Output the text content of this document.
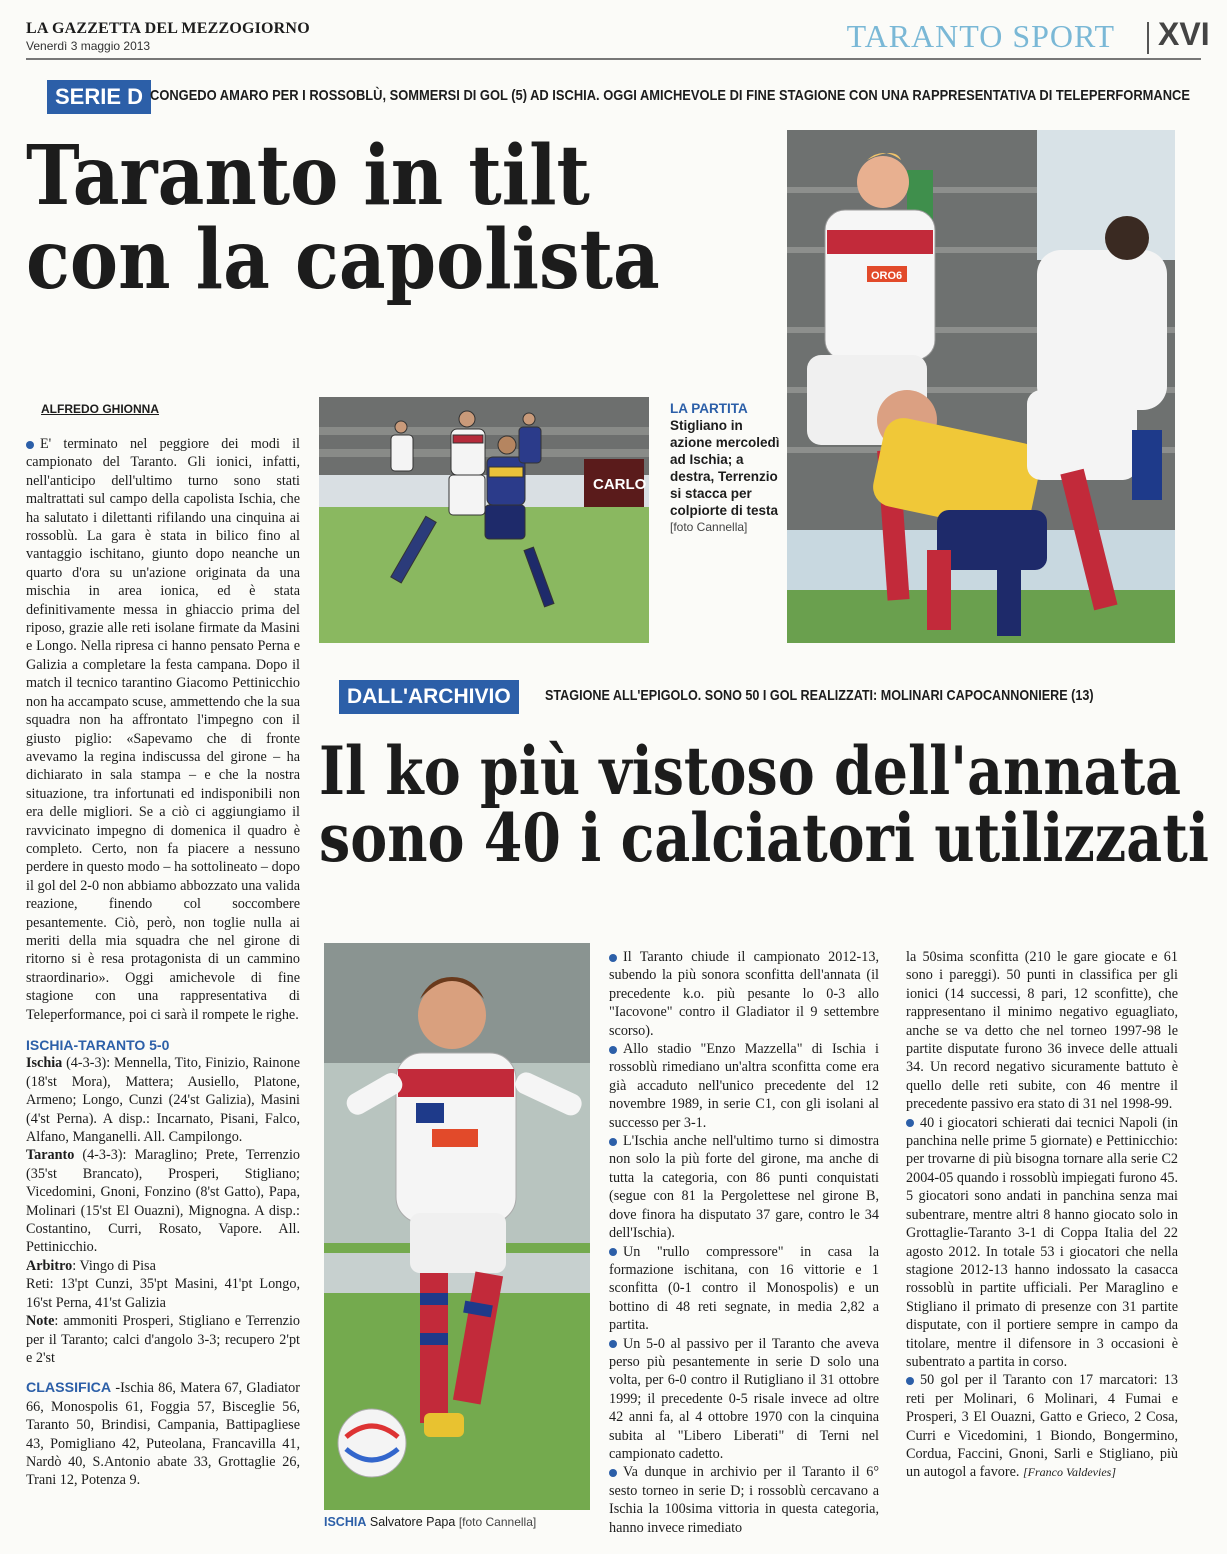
LA GAZZETTA DEL MEZZOGIORNO
Venerdì 3 maggio 2013	TARANTO SPORT XVI
SERIE D CONGEDO AMARO PER I ROSSOBLÙ, SOMMERSI DI GOL (5) AD ISCHIA. OGGI AMICHEVOLE DI FINE STAGIONE CON UNA RAPPRESENTATIVA DI TELEPERFORMANCE
Taranto in tilt
con la capolista
ALFREDO GHIONNA

E' terminato nel peggiore dei modi il campionato del Taranto. Gli ionici, infatti, nell'anticipo dell'ultimo turno sono stati maltrattati sul campo della capolista Ischia, che ha salutato i dilettanti rifilando una cinquina ai rossoblù. La gara è stata in bilico fino al vantaggio ischitano, giunto dopo neanche un quarto d'ora su un'azione originata da una mischia in area ionica, ed è stata definitivamente messa in ghiaccio prima del riposo, grazie alle reti isolane firmate da Masini e Longo. Nella ripresa ci hanno pensato Perna e Galizia a completare la festa campana. Dopo il match il tecnico tarantino Giacomo Pettinicchio non ha accampato scuse, ammettendo che la sua squadra non ha affrontato l'impegno con il giusto piglio: «Sapevamo che di fronte avevamo la regina indiscussa del girone – ha dichiarato in sala stampa – e che la nostra situazione, tra infortunati ed indisponibili non era delle migliori. Se a ciò ci aggiungiamo il ravvicinato impegno di domenica il quadro è completo. Certo, non fa piacere a nessuno perdere in questo modo – ha sottolineato – dopo il gol del 2-0 non abbiamo abbozzato una valida reazione, finendo col soccombere pesantemente. Ciò, però, non toglie nulla ai meriti della mia squadra che nel girone di ritorno si è resa protagonista di un cammino straordinario». Oggi amichevole di fine stagione con una rappresentativa di Teleperformance, poi ci sarà il rompete le righe.

ISCHIA-TARANTO 5-0

Ischia (4-3-3): Mennella, Tito, Finizio, Rainone (18'st Mora), Mattera; Ausiello, Platone, Armeno; Longo, Cunzi (24'st Galizia), Masini (4'st Perna). A disp.: Incarnato, Pisani, Falco, Alfano, Manganelli. All. Campilongo.

Taranto (4-3-3): Maraglino; Prete, Terrenzio (35'st Brancato), Prosperi, Stigliano; Vicedomini, Gnoni, Fonzino (8'st Gatto), Papa, Molinari (15'st El Ouazni), Mignogna. A disp.: Costantino, Curri, Rosato, Vapore. All. Pettinicchio.

Arbitro: Vingo di Pisa

Reti: 13'pt Cunzi, 35'pt Masini, 41'pt Longo, 16'st Perna, 41'st Galizia

Note: ammoniti Prosperi, Stigliano e Terrenzio per il Taranto; calci d'angolo 3-3; recupero 2'pt e 2'st

CLASSIFICA -Ischia 86, Matera 67, Gladiator 66, Monospolis 61, Foggia 57, Bisceglie 56, Taranto 50, Brindisi, Campania, Battipagliese 43, Pomigliano 42, Puteolana, Francavilla 41, Nardò 40, S.Antonio abate 33, Grottaglie 26, Trani 12, Potenza 9.

CARLO
LA PARTITA
Stigliano in azione mercoledì ad Ischia; a destra, Terrenzio si stacca per colpiorte di testa
[foto Cannella]
ORO6
DALL'ARCHIVIO	STAGIONE ALL'EPIGOLO. SONO 50 I GOL REALIZZATI: MOLINARI CAPOCANNONIERE (13)
Il ko più vistoso dell'annata
sono 40 i calciatori utilizzati
ISCHIA Salvatore Papa [foto Cannella]

Il Taranto chiude il campionato 2012-13, subendo la più sonora sconfitta dell'annata (il precedente k.o. più pesante lo 0-3 allo "Iacovone" contro il Gladiator il 9 settembre scorso).

Allo stadio "Enzo Mazzella" di Ischia i rossoblù rimediano un'altra sconfitta come era già accaduto nell'unico precedente del 12 novembre 1989, in serie C1, con gli isolani al successo per 3-1.

L'Ischia anche nell'ultimo turno si dimostra non solo la più forte del girone, ma anche di tutta la categoria, con 86 punti conquistati (segue con 81 la Pergolettese nel girone B, dove finora ha disputato 37 gare, contro le 34 dell'Ischia).

Un "rullo compressore" in casa la formazione ischitana, con 16 vittorie e 1 sconfitta (0-1 contro il Monospolis) e un bottino di 48 reti segnate, in media 2,82 a partita.

Un 5-0 al passivo per il Taranto che aveva perso più pesantemente in serie D solo una volta, per 6-0 contro il Rutigliano il 31 ottobre 1999; il precedente 0-5 risale invece ad oltre 42 anni fa, al 4 ottobre 1970 con la cinquina subita al "Libero Liberati" di Terni nel campionato cadetto.

Va dunque in archivio per il Taranto il 6° sesto torneo in serie D; i rossoblù cercavano a Ischia la 100sima vittoria in questa categoria, hanno invece rimediato

la 50sima sconfitta (210 le gare giocate e 61 sono i pareggi). 50 punti in classifica per gli ionici (14 successi, 8 pari, 12 sconfitte), che rappresentano il minimo negativo eguagliato, anche se va detto che nel torneo 1997-98 le partite disputate furono 36 invece delle attuali 34. Un record negativo sicuramente battuto è quello delle reti subite, con 46 mentre il precedente passivo era stato di 31 nel 1998-99.

40 i giocatori schierati dai tecnici Napoli (in panchina nelle prime 5 giornate) e Pettinicchio: per trovarne di più bisogna tornare alla serie C2 2004-05 quando i rossoblù impiegati furono 45. 5 giocatori sono andati in panchina senza mai subentrare, mentre altri 8 hanno giocato solo in Grottaglie-Taranto 3-1 di Coppa Italia del 22 agosto 2012. In totale 53 i giocatori che nella stagione 2012-13 hanno indossato la casacca rossoblù in partite ufficiali. Per Maraglino e Stigliano il primato di presenze con 31 partite disputate, con il portiere sempre in campo da titolare, mentre il difensore in 3 occasioni è subentrato a partita in corso.

50 gol per il Taranto con 17 marcatori: 13 reti per Molinari, 6 Molinari, 4 Fumai e Prosperi, 3 El Ouazni, Gatto e Grieco, 2 Cosa, Curri e Vicedomini, 1 Biondo, Bongermino, Cordua, Faccini, Gnoni, Sarli e Stigliano, più un autogol a favore. [Franco Valdevies]
